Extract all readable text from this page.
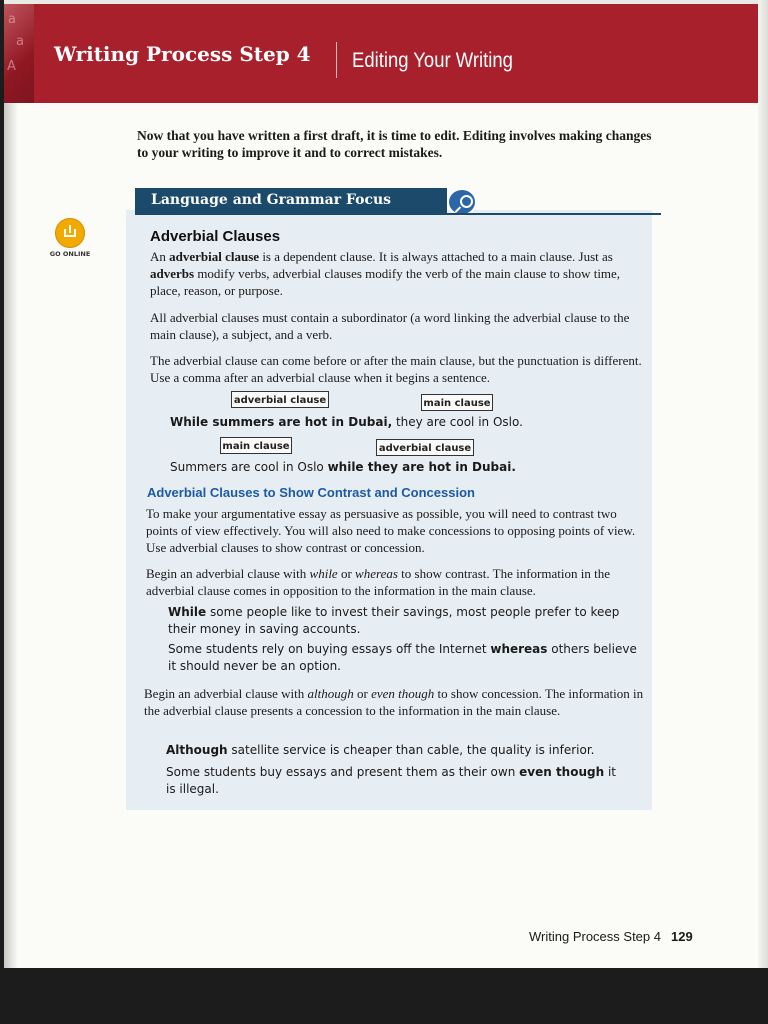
a
a
A
Writing Process Step 4 Editing Your Writing
Now that you have written a first draft, it is time to edit. Editing involves making changes to your writing to improve it and to correct mistakes.
GO ONLINE
Language and Grammar Focus
Adverbial Clauses
An adverbial clause is a dependent clause. It is always attached to a main clause. Just as adverbs modify verbs, adverbial clauses modify the verb of the main clause to show time, place, reason, or purpose.
All adverbial clauses must contain a subordinator (a word linking the adverbial clause to the main clause), a subject, and a verb.
The adverbial clause can come before or after the main clause, but the punctuation is different. Use a comma after an adverbial clause when it begins a sentence.
adverbial clause	main clause
While summers are hot in Dubai, they are cool in Oslo.
main clause	adverbial clause
Summers are cool in Oslo while they are hot in Dubai.
Adverbial Clauses to Show Contrast and Concession
To make your argumentative essay as persuasive as possible, you will need to contrast two points of view effectively. You will also need to make concessions to opposing points of view. Use adverbial clauses to show contrast or concession.
Begin an adverbial clause with while or whereas to show contrast. The information in the adverbial clause comes in opposition to the information in the main clause.
While some people like to invest their savings, most people prefer to keep their money in saving accounts.
Some students rely on buying essays off the Internet whereas others believe it should never be an option.
Begin an adverbial clause with although or even though to show concession. The information in the adverbial clause presents a concession to the information in the main clause.
Although satellite service is cheaper than cable, the quality is inferior.
Some students buy essays and present them as their own even though it is illegal.
Writing Process Step 4 129
